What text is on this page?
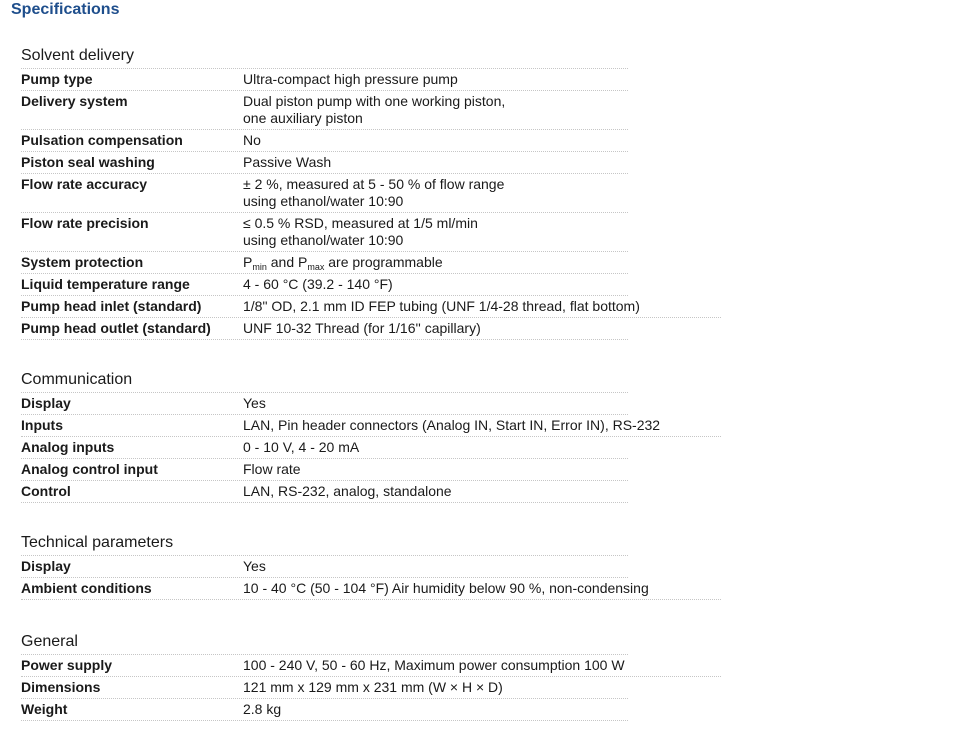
Specifications
Solvent delivery
Pump type	Ultra-compact high pressure pump
Delivery system	Dual piston pump with one working piston,
one auxiliary piston
Pulsation compensation	No
Piston seal washing	Passive Wash
Flow rate accuracy	± 2 %, measured at 5 - 50 % of flow range
using ethanol/water 10:90
Flow rate precision	≤ 0.5 % RSD, measured at 1/5 ml/min
using ethanol/water 10:90
System protection	$P_{min}$ and $P_{max}$ are programmable
Liquid temperature range	4 - 60 °C (39.2 - 140 °F)
Pump head inlet (standard)	1/8" OD, 2.1 mm ID FEP tubing (UNF 1/4-28 thread, flat bottom)
Pump head outlet (standard)	UNF 10-32 Thread (for 1/16'' capillary)
Communication
Display	Yes
Inputs	LAN, Pin header connectors (Analog IN, Start IN, Error IN), RS-232
Analog inputs	0 - 10 V, 4 - 20 mA
Analog control input	Flow rate
Control	LAN, RS-232, analog, standalone
Technical parameters
Display	Yes
Ambient conditions	10 - 40 °C (50 - 104 °F) Air humidity below 90 %, non-condensing
General
Power supply	100 - 240 V, 50 - 60 Hz, Maximum power consumption 100 W
Dimensions	121 mm x 129 mm x 231 mm (W × H × D)
Weight	2.8 kg
